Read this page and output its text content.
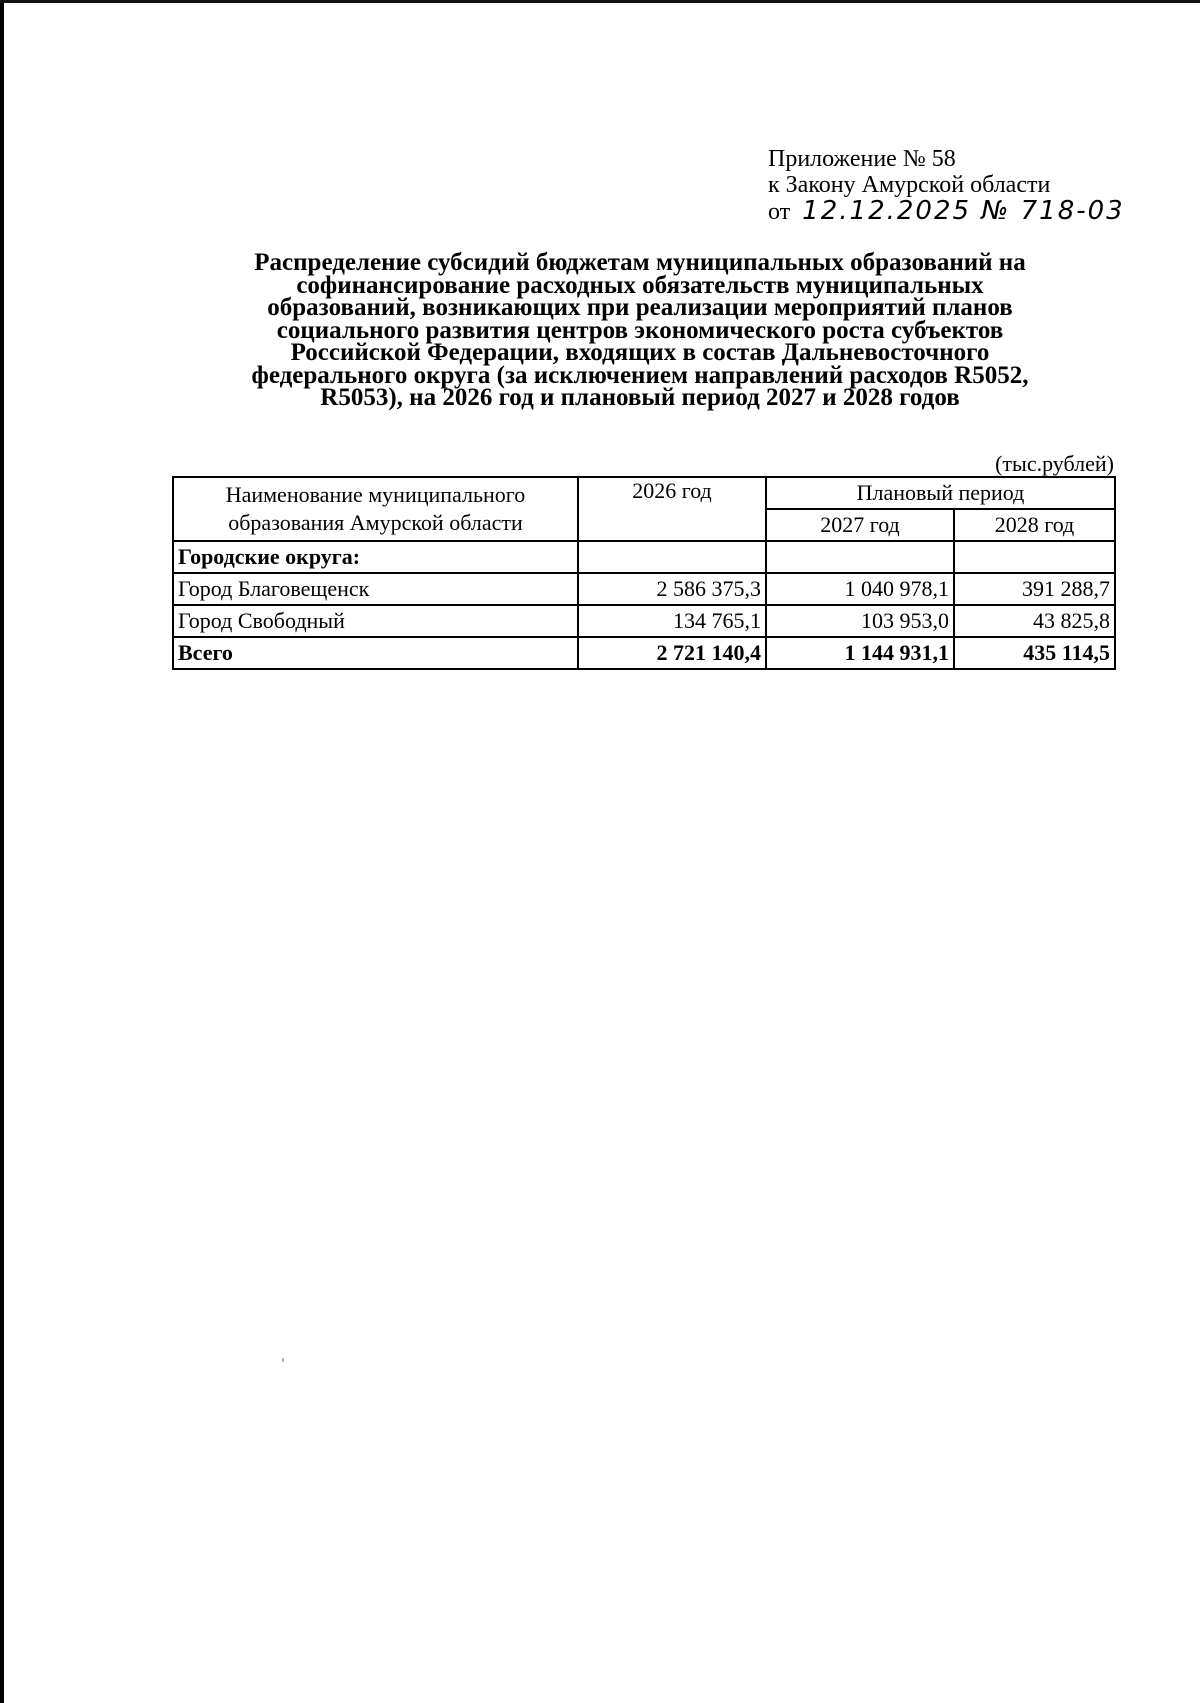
Приложение № 58
к Закону Амурской области
от 12.12.2025 № 718-03
Распределение субсидий бюджетам муниципальных образований на
софинансирование расходных обязательств муниципальных
образований, возникающих при реализации мероприятий планов
социального развития центров экономического роста субъектов
Российской Федерации, входящих в состав Дальневосточного
федерального округа (за исключением направлений расходов R5052,
R5053), на 2026 год и плановый период 2027 и 2028 годов
(тыс.рублей)
Наименование муниципального
образования Амурской области	2026 год	Плановый период	
		2027 год	2028 год
Городские округа:			
Город Благовещенск	2 586 375,3	1 040 978,1	391 288,7
Город Свободный	134 765,1	103 953,0	43 825,8
Всего	2 721 140,4	1 144 931,1	435 114,5
